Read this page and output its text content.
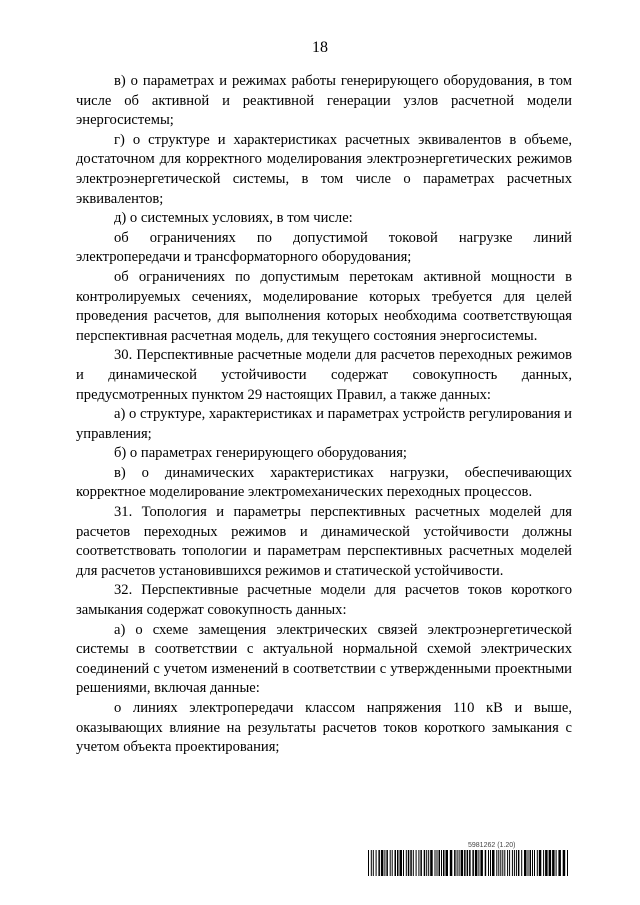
18

в) о параметрах и режимах работы генерирующего оборудования, в том числе об активной и реактивной генерации узлов расчетной модели энергосистемы;

г) о структуре и характеристиках расчетных эквивалентов в объеме, достаточном для корректного моделирования электроэнергетических режимов электроэнергетической системы, в том числе о параметрах расчетных эквивалентов;

д) о системных условиях, в том числе:

об ограничениях по допустимой токовой нагрузке линий электропередачи и трансформаторного оборудования;

об ограничениях по допустимым перетокам активной мощности в контролируемых сечениях, моделирование которых требуется для целей проведения расчетов, для выполнения которых необходима соответствующая перспективная расчетная модель, для текущего состояния энергосистемы.

30. Перспективные расчетные модели для расчетов переходных режимов и динамической устойчивости содержат совокупность данных, предусмотренных пунктом 29 настоящих Правил, а также данных:

а) о структуре, характеристиках и параметрах устройств регулирования и управления;

б) о параметрах генерирующего оборудования;

в) о динамических характеристиках нагрузки, обеспечивающих корректное моделирование электромеханических переходных процессов.

31. Топология и параметры перспективных расчетных моделей для расчетов переходных режимов и динамической устойчивости должны соответствовать топологии и параметрам перспективных расчетных моделей для расчетов установившихся режимов и статической устойчивости.

32. Перспективные расчетные модели для расчетов токов короткого замыкания содержат совокупность данных:

а) о схеме замещения электрических связей электроэнергетической системы в соответствии с актуальной нормальной схемой электрических соединений с учетом изменений в соответствии с утвержденными проектными решениями, включая данные:

о линиях электропередачи классом напряжения 110 кВ и выше, оказывающих влияние на результаты расчетов токов короткого замыкания с учетом объекта проектирования;

5981262 (1.20)
